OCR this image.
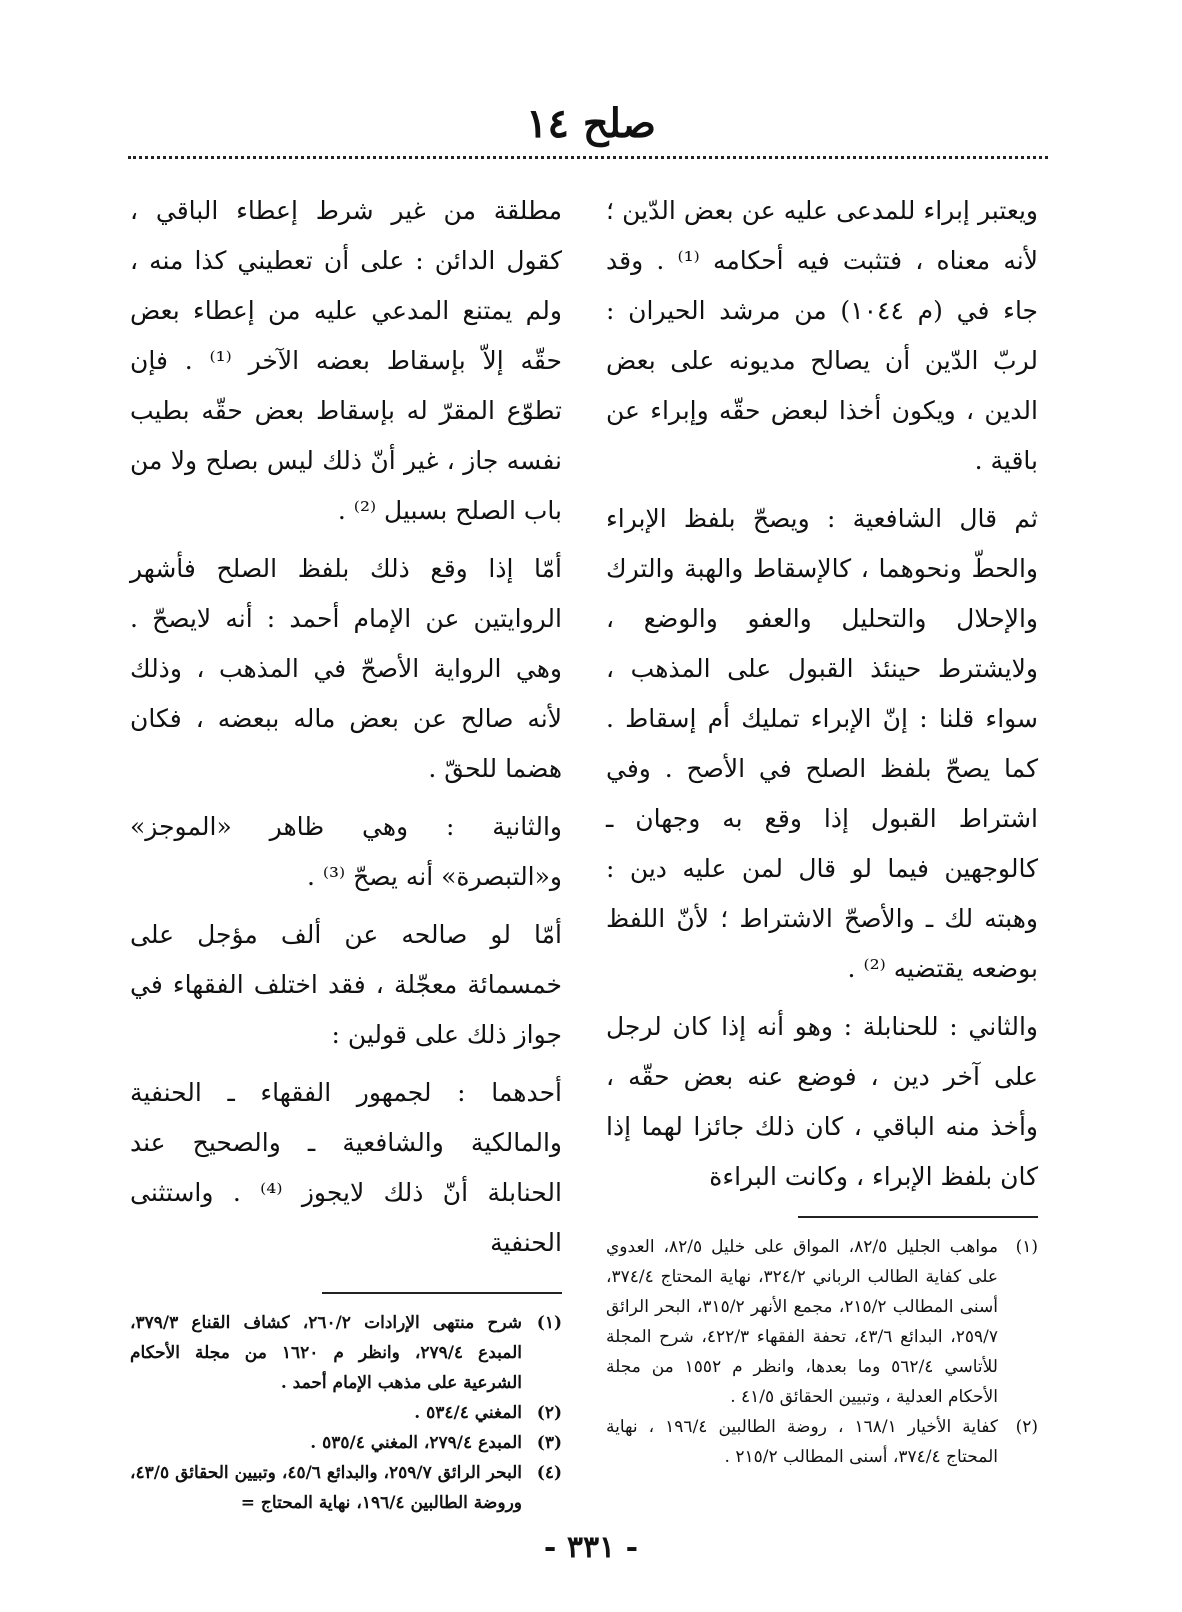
صلح ١٤

ويعتبر إبراء للمدعى عليه عن بعض الدّين ؛ لأنه معناه ، فتثبت فيه أحكامه ⁽¹⁾ . وقد جاء في (م ١٠٤٤) من مرشد الحيران : لربّ الدّين أن يصالح مديونه على بعض الدين ، ويكون أخذا لبعض حقّه وإبراء عن باقية .

ثم قال الشافعية : ويصحّ بلفظ الإبراء والحطّ ونحوهما ، كالإسقاط والهبة والترك والإحلال والتحليل والعفو والوضع ، ولايشترط حينئذ القبول على المذهب ، سواء قلنا : إنّ الإبراء تمليك أم إسقاط . كما يصحّ بلفظ الصلح في الأصح . وفي اشتراط القبول إذا وقع به وجهان ـ كالوجهين فيما لو قال لمن عليه دين : وهبته لك ـ والأصحّ الاشتراط ؛ لأنّ اللفظ بوضعه يقتضيه ⁽²⁾ .

والثاني : للحنابلة : وهو أنه إذا كان لرجل على آخر دين ، فوضع عنه بعض حقّه ، وأخذ منه الباقي ، كان ذلك جائزا لهما إذا كان بلفظ الإبراء ، وكانت البراءة

(١)
مواهب الجليل ٨٢/٥، المواق على خليل ٨٢/٥، العدوي على كفاية الطالب الرباني ٣٢٤/٢، نهاية المحتاج ٣٧٤/٤، أسنى المطالب ٢١٥/٢، مجمع الأنهر ٣١٥/٢، البحر الرائق ٢٥٩/٧، البدائع ٤٣/٦، تحفة الفقهاء ٤٢٢/٣، شرح المجلة للأتاسي ٥٦٢/٤ وما بعدها، وانظر م ١٥٥٢ من مجلة الأحكام العدلية ، وتبيين الحقائق ٤١/٥ .
(٢)
كفاية الأخيار ١٦٨/١ ، روضة الطالبين ١٩٦/٤ ، نهاية المحتاج ٣٧٤/٤، أسنى المطالب ٢١٥/٢ .

مطلقة من غير شرط إعطاء الباقي ، كقول الدائن : على أن تعطيني كذا منه ، ولم يمتنع المدعي عليه من إعطاء بعض حقّه إلاّ بإسقاط بعضه الآخر ⁽¹⁾ . فإن تطوّع المقرّ له بإسقاط بعض حقّه بطيب نفسه جاز ، غير أنّ ذلك ليس بصلح ولا من باب الصلح بسبيل ⁽²⁾ .

أمّا إذا وقع ذلك بلفظ الصلح فأشهر الروايتين عن الإمام أحمد : أنه لايصحّ . وهي الرواية الأصحّ في المذهب ، وذلك لأنه صالح عن بعض ماله ببعضه ، فكان هضما للحقّ .

والثانية : وهي ظاهر «الموجز» و«التبصرة» أنه يصحّ ⁽³⁾ .

أمّا لو صالحه عن ألف مؤجل على خمسمائة معجّلة ، فقد اختلف الفقهاء في جواز ذلك على قولين :

أحدهما : لجمهور الفقهاء ـ الحنفية والمالكية والشافعية ـ والصحيح عند الحنابلة أنّ ذلك لايجوز ⁽⁴⁾ . واستثنى الحنفية

(١)
شرح منتهى الإرادات ٢٦٠/٢، كشاف القناع ٣٧٩/٣، المبدع ٢٧٩/٤، وانظر م ١٦٢٠ من مجلة الأحكام الشرعية على مذهب الإمام أحمد .
(٢)
المغني ٥٣٤/٤ .
(٣)
المبدع ٢٧٩/٤، المغني ٥٣٥/٤ .
(٤)
البحر الرائق ٢٥٩/٧، والبدائع ٤٥/٦، وتبيين الحقائق ٤٣/٥، وروضة الطالبين ١٩٦/٤، نهاية المحتاج =
- ٣٣١ -
